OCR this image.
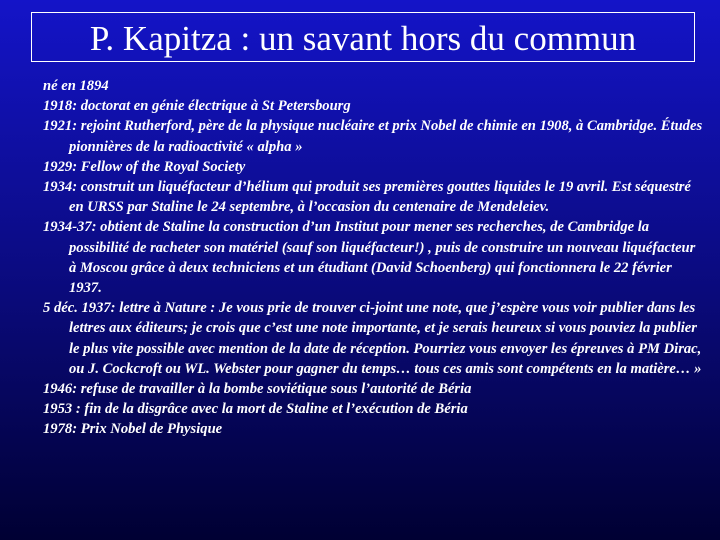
P. Kapitza : un savant hors du commun
né en 1894
1918: doctorat en génie électrique à St Petersbourg
1921: rejoint Rutherford, père de la physique nucléaire et prix Nobel de chimie en 1908, à Cambridge. Études pionnières de la radioactivité « alpha »
1929: Fellow of the Royal Society
1934: construit un liquéfacteur d’hélium qui produit ses premières gouttes liquides le 19 avril. Est séquestré en URSS par Staline le 24 septembre, à l’occasion du centenaire de Mendeleiev.
1934-37: obtient de Staline la construction d’un Institut pour mener ses recherches, de Cambridge la possibilité de racheter son matériel (sauf son liquéfacteur!) , puis de construire un nouveau liquéfacteur à Moscou grâce à deux techniciens et un étudiant (David Schoenberg) qui fonctionnera le 22 février 1937.
5 déc. 1937: lettre à Nature : Je vous prie de trouver ci-joint une note, que j’espère vous voir publier dans les lettres aux éditeurs; je crois que c’est une note importante, et je serais heureux si vous pouviez la publier le plus vite possible avec mention de la date de réception. Pourriez vous envoyer les épreuves à PM Dirac, ou J. Cockcroft ou WL. Webster pour gagner du temps… tous ces amis sont compétents en la matière… »
1946: refuse de travailler à la bombe soviétique sous l’autorité de Béria
1953 : fin de la disgrâce avec la mort de Staline et l’exécution de Béria
1978: Prix Nobel de Physique
